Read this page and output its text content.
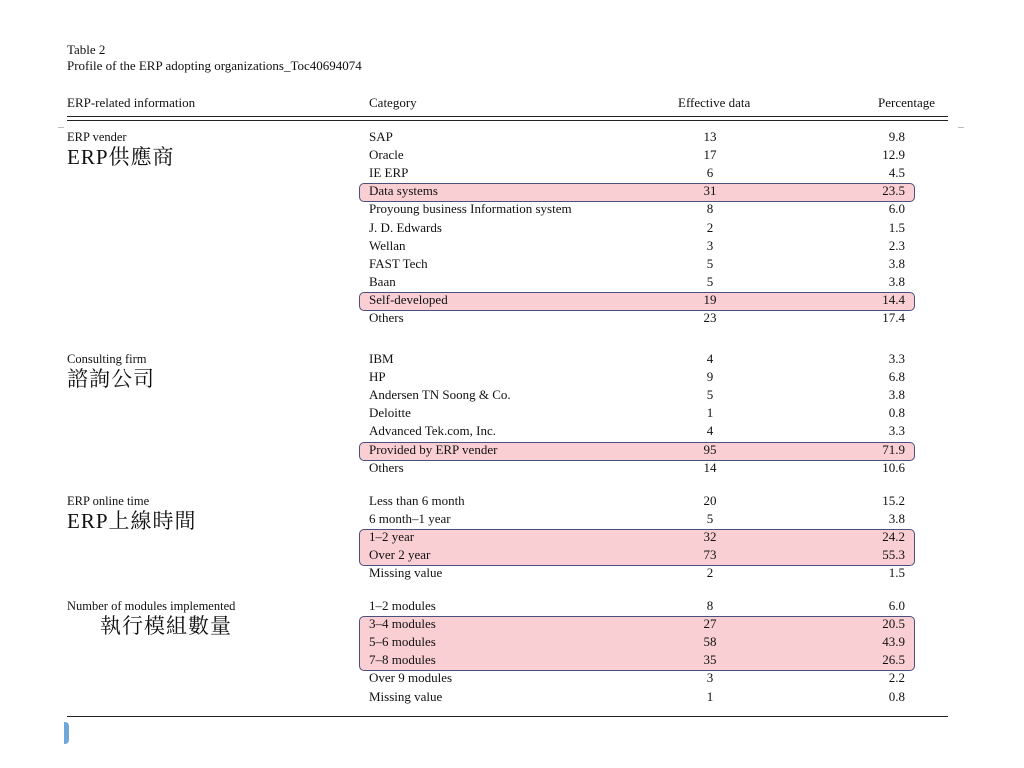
Table 2
Profile of the ERP adopting organizations_Toc40694074
ERP-related information	Category	Effective data	Percentage
ERP vender
ERP供應商
SAP	13	9.8
Oracle	17	12.9
IE ERP	6	4.5
Data systems	31	23.5
Proyoung business Information system	8	6.0
J. D. Edwards	2	1.5
Wellan	3	2.3
FAST Tech	5	3.8
Baan	5	3.8
Self-developed	19	14.4
Others	23	17.4
Consulting firm
諮詢公司
IBM	4	3.3
HP	9	6.8
Andersen TN Soong & Co.	5	3.8
Deloitte	1	0.8
Advanced Tek.com, Inc.	4	3.3
Provided by ERP vender	95	71.9
Others	14	10.6
ERP online time
ERP上線時間
Less than 6 month	20	15.2
6 month–1 year	5	3.8
1–2 year	32	24.2
Over 2 year	73	55.3
Missing value	2	1.5
Number of modules implemented
執行模組數量
1–2 modules	8	6.0
3–4 modules	27	20.5
5–6 modules	58	43.9
7–8 modules	35	26.5
Over 9 modules	3	2.2
Missing value	1	0.8
